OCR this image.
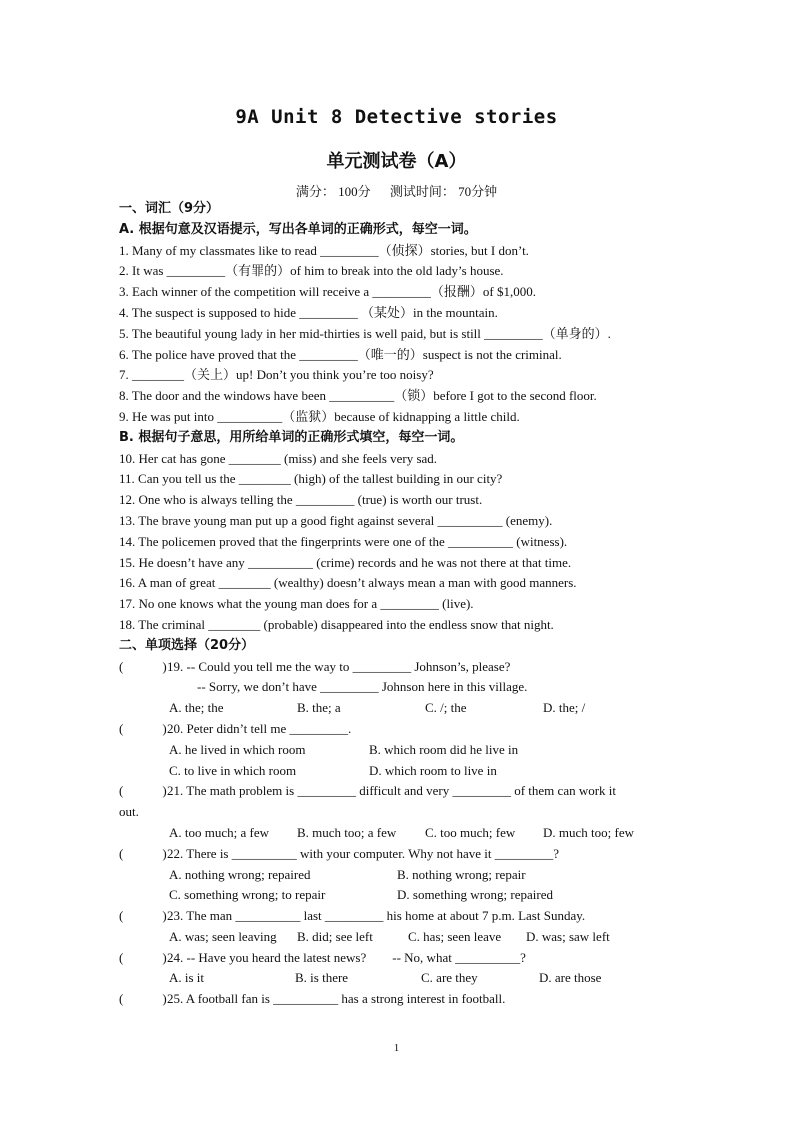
9A Unit 8 Detective stories
单元测试卷（A）
满分： 100分 测试时间： 70分钟
一、词汇（9分）
A. 根据句意及汉语提示，写出各单词的正确形式，每空一词。
1. Many of my classmates like to read _________（侦探）stories, but I don’t.
2. It was _________（有罪的）of him to break into the old lady’s house.
3. Each winner of the competition will receive a _________（报酬）of $1,000.
4. The suspect is supposed to hide _________ （某处）in the mountain.
5. The beautiful young lady in her mid-thirties is well paid, but is still _________（单身的）.
6. The police have proved that the _________（唯一的）suspect is not the criminal.
7. ________（关上）up! Don’t you think you’re too noisy?
8. The door and the windows have been __________（锁）before I got to the second floor.
9. He was put into __________（监狱）because of kidnapping a little child.
B. 根据句子意思，用所给单词的正确形式填空，每空一词。
10. Her cat has gone ________ (miss) and she feels very sad.
11. Can you tell us the ________ (high) of the tallest building in our city?
12. One who is always telling the _________ (true) is worth our trust.
13. The brave young man put up a good fight against several __________ (enemy).
14. The policemen proved that the fingerprints were one of the __________ (witness).
15. He doesn’t have any __________ (crime) records and he was not there at that time.
16. A man of great ________ (wealthy) doesn’t always mean a man with good manners.
17. No one knows what the young man does for a _________ (live).
18. The criminal ________ (probable) disappeared into the endless snow that night.
二、单项选择（20分）
(　　　)19. -- Could you tell me the way to _________ Johnson’s, please?
-- Sorry, we don’t have _________ Johnson here in this village.
A. the; the	B. the; a	C. /; the	D. the; /
(　　　)20. Peter didn’t tell me _________.
A. he lived in which room	B. which room did he live in
C. to live in which room	D. which room to live in
(　　　)21. The math problem is _________ difficult and very _________ of them can work it
out.
A. too much; a few B. much too; a few C. too much; few D. much too; few
(　　　)22. There is __________ with your computer. Why not have it _________?
A. nothing wrong; repaired	B. nothing wrong; repair
C. something wrong; to repair	D. something wrong; repaired
(　　　)23. The man __________ last _________ his home at about 7 p.m. Last Sunday.
A. was; seen leaving B. did; see left	C. has; seen leave D. was; saw left
(　　　)24. -- Have you heard the latest news?　　-- No, what __________?
A. is it	B. is there	C. are they	D. are those
(　　　)25. A football fan is __________ has a strong interest in football.
1
